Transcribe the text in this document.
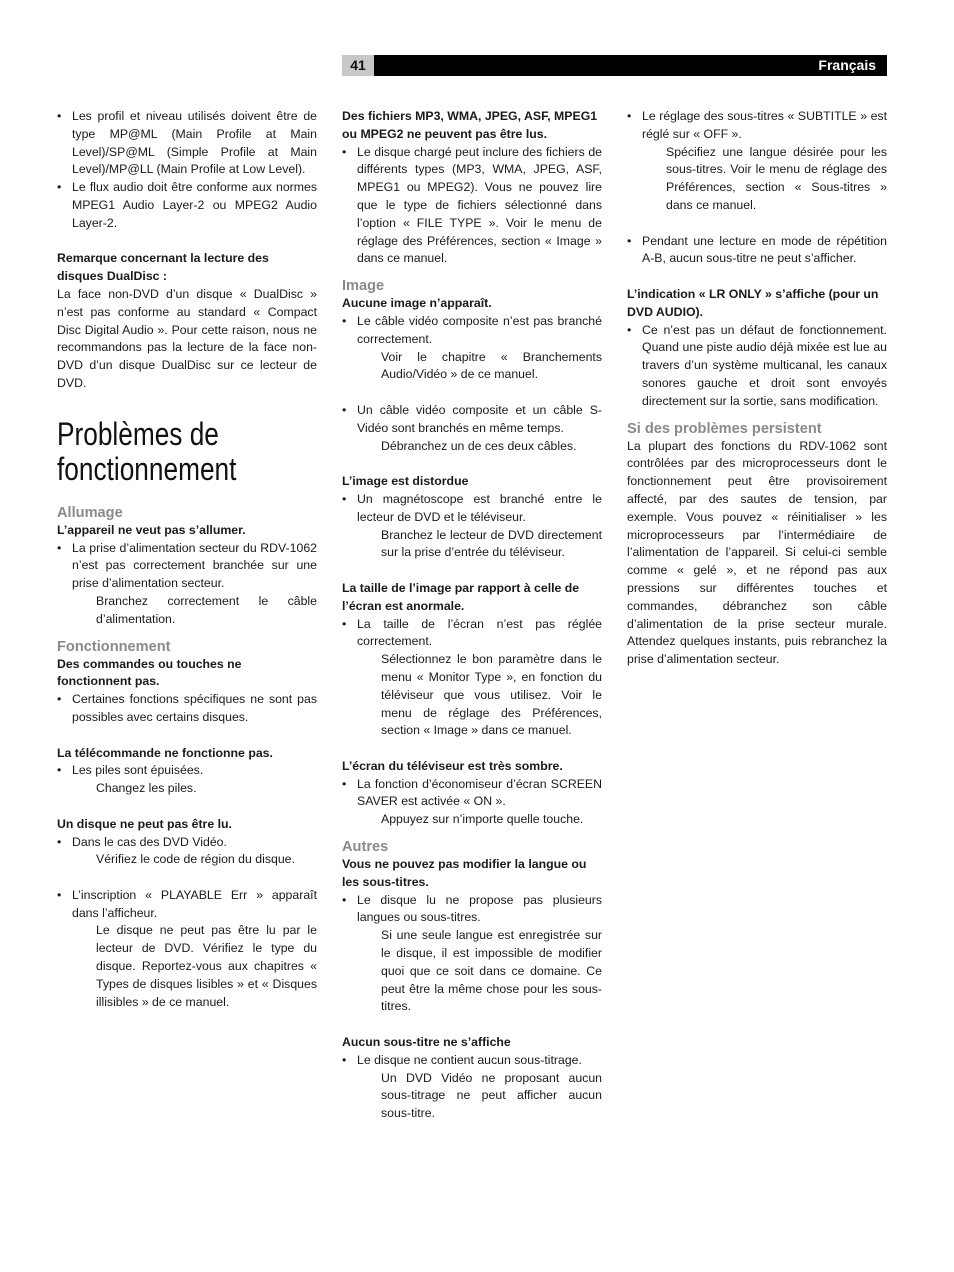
41	Français
• Les profil et niveau utilisés doivent être de type MP@ML (Main Profile at Main Level)/SP@ML (Simple Profile at Main Level)/MP@LL (Main Profile at Low Level).
• Le flux audio doit être conforme aux normes MPEG1 Audio Layer-2 ou MPEG2 Audio Layer-2.
Remarque concernant la lecture des disques DualDisc :
La face non-DVD d’un disque « DualDisc » n’est pas conforme au standard « Compact Disc Digital Audio ». Pour cette raison, nous ne recommandons pas la lecture de la face non-DVD d’un disque DualDisc sur ce lecteur de DVD.
Problèmes de
fonctionnement
Allumage
L’appareil ne veut pas s’allumer.
• La prise d’alimentation secteur du RDV-1062 n’est pas correctement branchée sur une prise d’alimentation secteur.
Branchez correctement le câble d’alimentation.
Fonctionnement
Des commandes ou touches ne fonctionnent pas.
• Certaines fonctions spécifiques ne sont pas possibles avec certains disques.
La télécommande ne fonctionne pas.
• Les piles sont épuisées.
Changez les piles.
Un disque ne peut pas être lu.
• Dans le cas des DVD Vidéo.
Vérifiez le code de région du disque.
• L’inscription « PLAYABLE Err » apparaît dans l’afficheur.
Le disque ne peut pas être lu par le lecteur de DVD. Vérifiez le type du disque. Reportez-vous aux chapitres « Types de disques lisibles » et « Disques illisibles » de ce manuel.
Des fichiers MP3, WMA, JPEG, ASF, MPEG1 ou MPEG2 ne peuvent pas être lus.
• Le disque chargé peut inclure des fichiers de différents types (MP3, WMA, JPEG, ASF, MPEG1 ou MPEG2). Vous ne pouvez lire que le type de fichiers sélectionné dans l’option « FILE TYPE ». Voir le menu de réglage des Préférences, section « Image » dans ce manuel.
Image
Aucune image n’apparaît.
• Le câble vidéo composite n’est pas branché correctement.
Voir le chapitre « Branchements Audio/Vidéo » de ce manuel.
• Un câble vidéo composite et un câble S-Vidéo sont branchés en même temps.
Débranchez un de ces deux câbles.
L’image est distordue
• Un magnétoscope est branché entre le lecteur de DVD et le téléviseur.
Branchez le lecteur de DVD directement sur la prise d’entrée du téléviseur.
La taille de l’image par rapport à celle de l’écran est anormale.
• La taille de l’écran n’est pas réglée correctement.
Sélectionnez le bon paramètre dans le menu « Monitor Type », en fonction du téléviseur que vous utilisez. Voir le menu de réglage des Préférences, section « Image » dans ce manuel.
L’écran du téléviseur est très sombre.
• La fonction d’économiseur d’écran SCREEN SAVER est activée « ON ».
Appuyez sur n’importe quelle touche.
Autres
Vous ne pouvez pas modifier la langue ou les sous-titres.
• Le disque lu ne propose pas plusieurs langues ou sous-titres.
Si une seule langue est enregistrée sur le disque, il est impossible de modifier quoi que ce soit dans ce domaine. Ce peut être la même chose pour les sous-titres.
Aucun sous-titre ne s’affiche
• Le disque ne contient aucun sous-titrage.
Un DVD Vidéo ne proposant aucun sous-titrage ne peut afficher aucun sous-titre.
• Le réglage des sous-titres « SUBTITLE » est réglé sur « OFF ».
Spécifiez une langue désirée pour les sous-titres. Voir le menu de réglage des Préférences, section « Sous-titres » dans ce manuel.
• Pendant une lecture en mode de répétition A-B, aucun sous-titre ne peut s’afficher.
L’indication « LR ONLY » s’affiche (pour un DVD AUDIO).
• Ce n’est pas un défaut de fonctionnement. Quand une piste audio déjà mixée est lue au travers d’un système multicanal, les canaux sonores gauche et droit sont envoyés directement sur la sortie, sans modification.
Si des problèmes persistent
La plupart des fonctions du RDV-1062 sont contrôlées par des microprocesseurs dont le fonctionnement peut être provisoirement affecté, par des sautes de tension, par exemple. Vous pouvez « réinitialiser » les microprocesseurs par l’intermédiaire de l’alimentation de l’appareil. Si celui-ci semble comme « gelé », et ne répond pas aux pressions sur différentes touches et commandes, débranchez son câble d’alimentation de la prise secteur murale. Attendez quelques instants, puis rebranchez la prise d’alimentation secteur.
